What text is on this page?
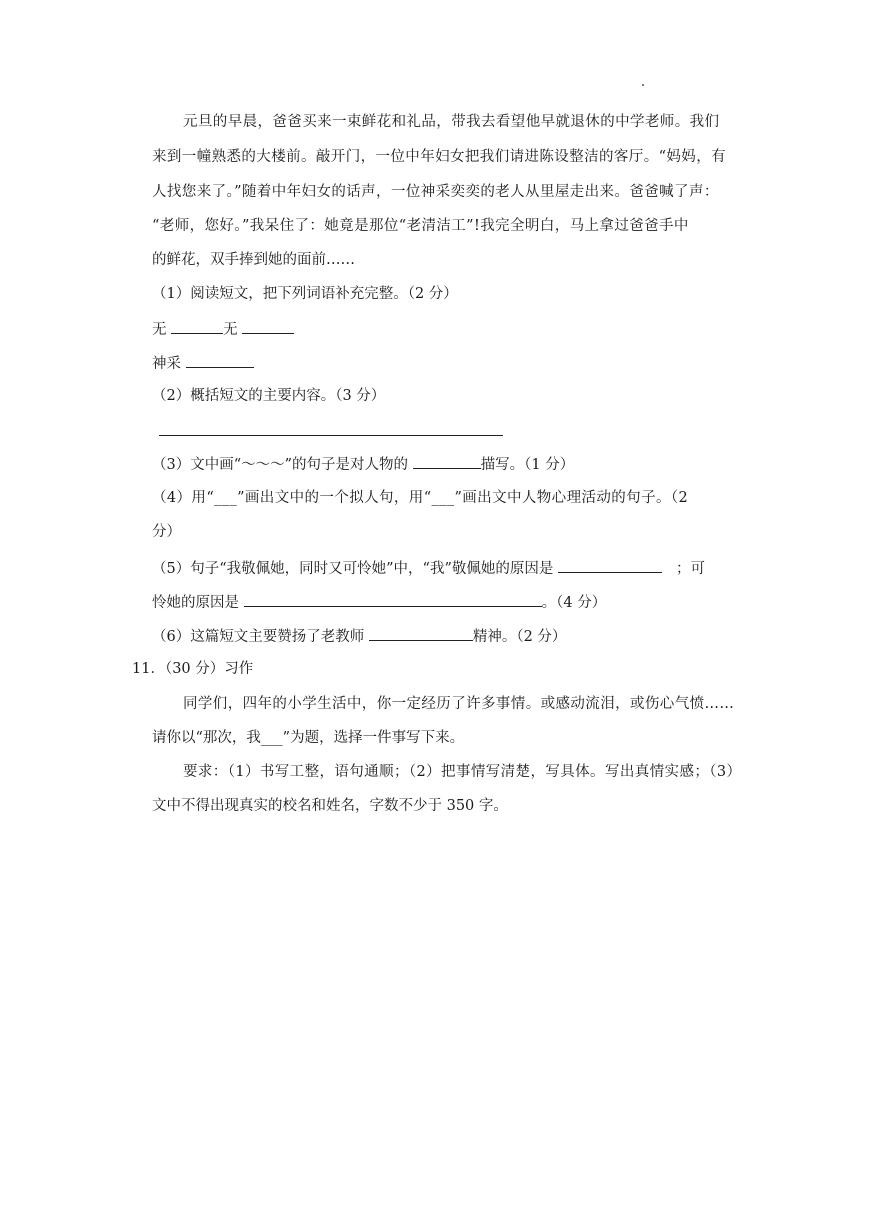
元旦的早晨，爸爸买来一束鲜花和礼品，带我去看望他早就退休的中学老师。我们
来到一幢熟悉的大楼前。敲开门，一位中年妇女把我们请进陈设整洁的客厅。“妈妈，有
人找您来了。”随着中年妇女的话声，一位神采奕奕的老人从里屋走出来。爸爸喊了声：
“老师，您好。”我呆住了：她竟是那位“老清洁工”!我完全明白，马上拿过爸爸手中
的鲜花，双手捧到她的面前……
（1）阅读短文，把下列词语补充完整。（2 分）
无	无
神采
（2）概括短文的主要内容。（3 分）
（3）文中画“～～～”的句子是对人物的	描写。（1 分）
（4）用“___”画出文中的一个拟人句，用“___”画出文中人物心理活动的句子。（2
分）
（5）句子“我敬佩她，同时又可怜她”中，“我”敬佩她的原因是	；可
怜她的原因是	。（4 分）
（6）这篇短文主要赞扬了老教师	精神。（2 分）
11．（30 分）习作
同学们，四年的小学生活中，你一定经历了许多事情。或感动流泪，或伤心气愤……
请你以“那次，我___”为题，选择一件事写下来。
要求：（1）书写工整，语句通顺；（2）把事情写清楚，写具体。写出真情实感；（3）
文中不得出现真实的校名和姓名，字数不少于 350 字。
